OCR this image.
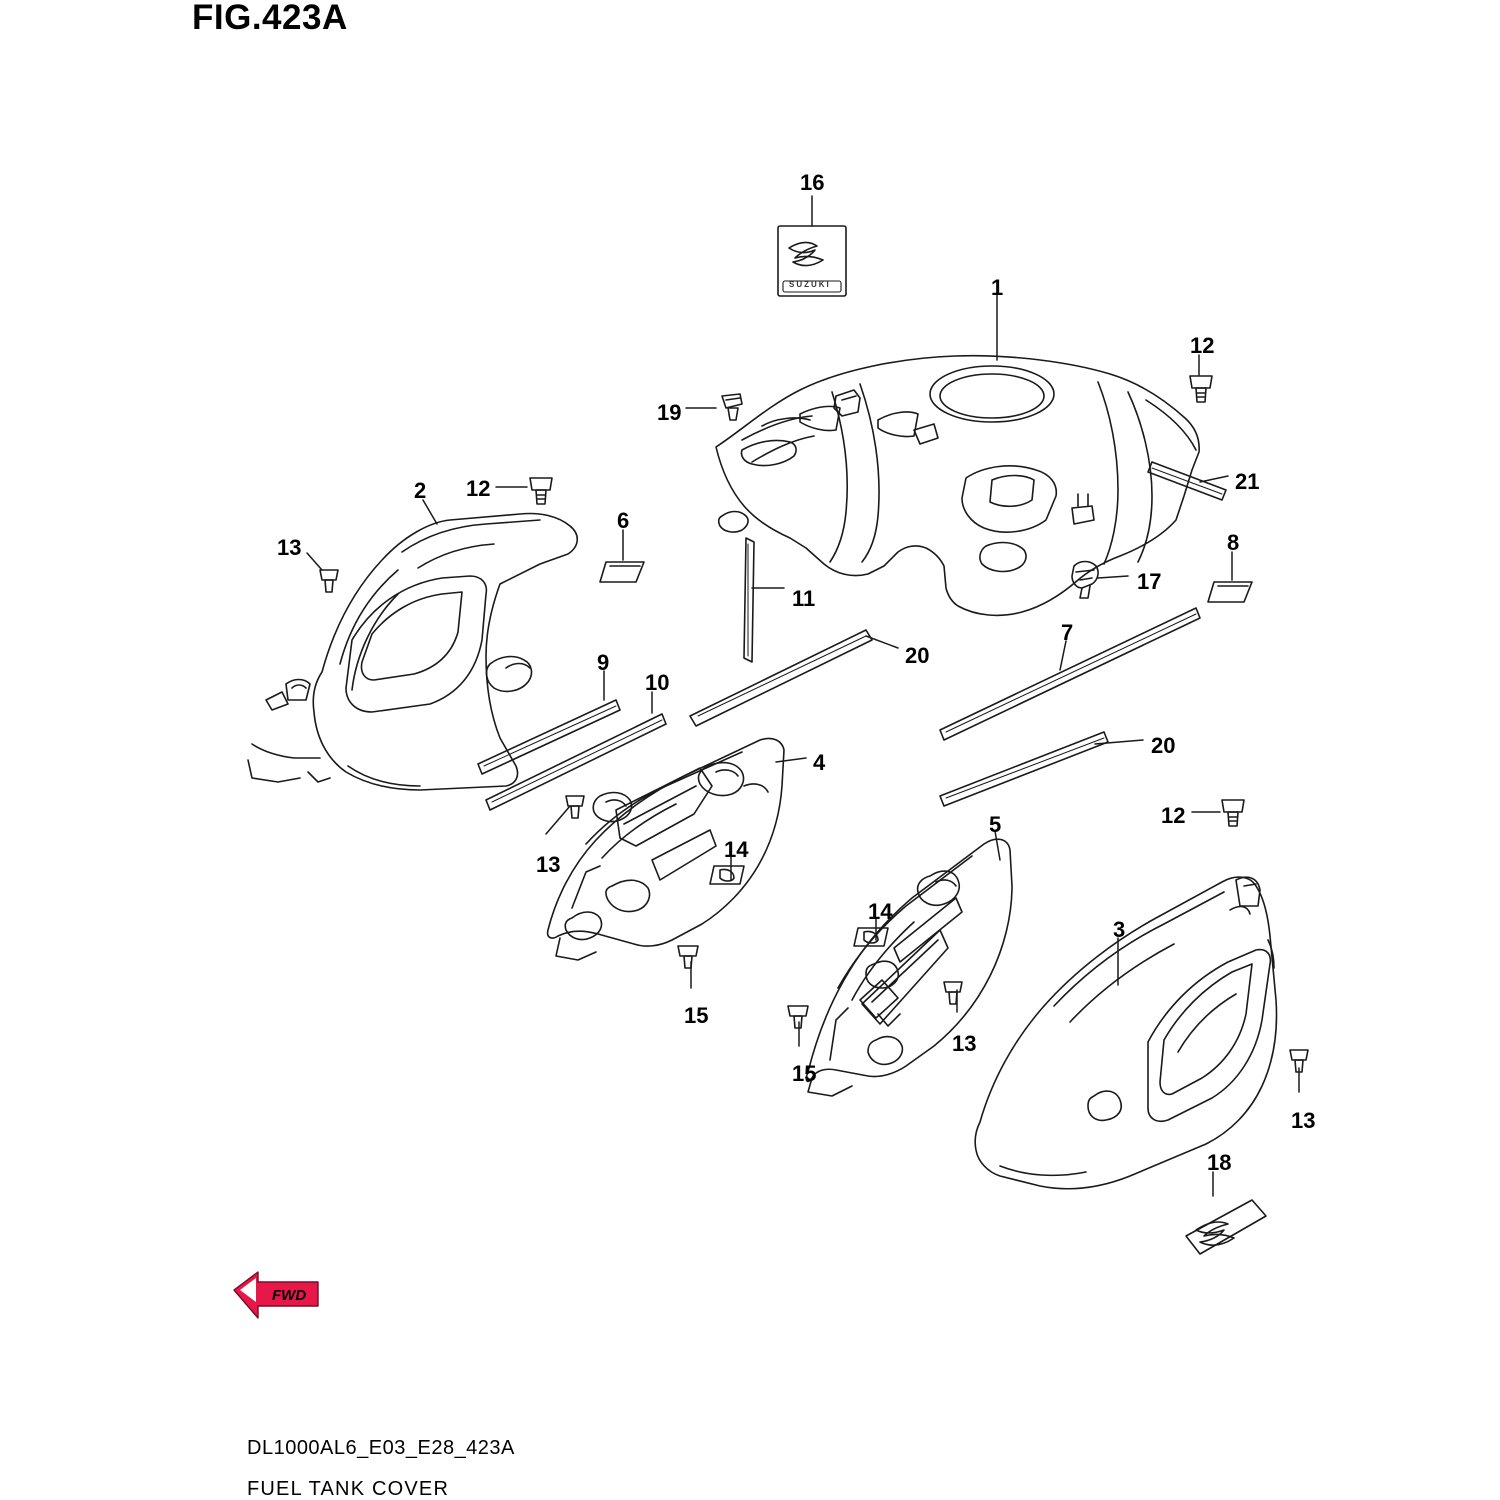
FIG.423A
FWD
SUZUKI
16
1
12
19
21
2 12
6
13	8
17
11
7
20
9
10
20
4
13
12
5
14
3
14
15
13
15
13
18
DL1000AL6_E03_E28_423A
FUEL TANK COVER
